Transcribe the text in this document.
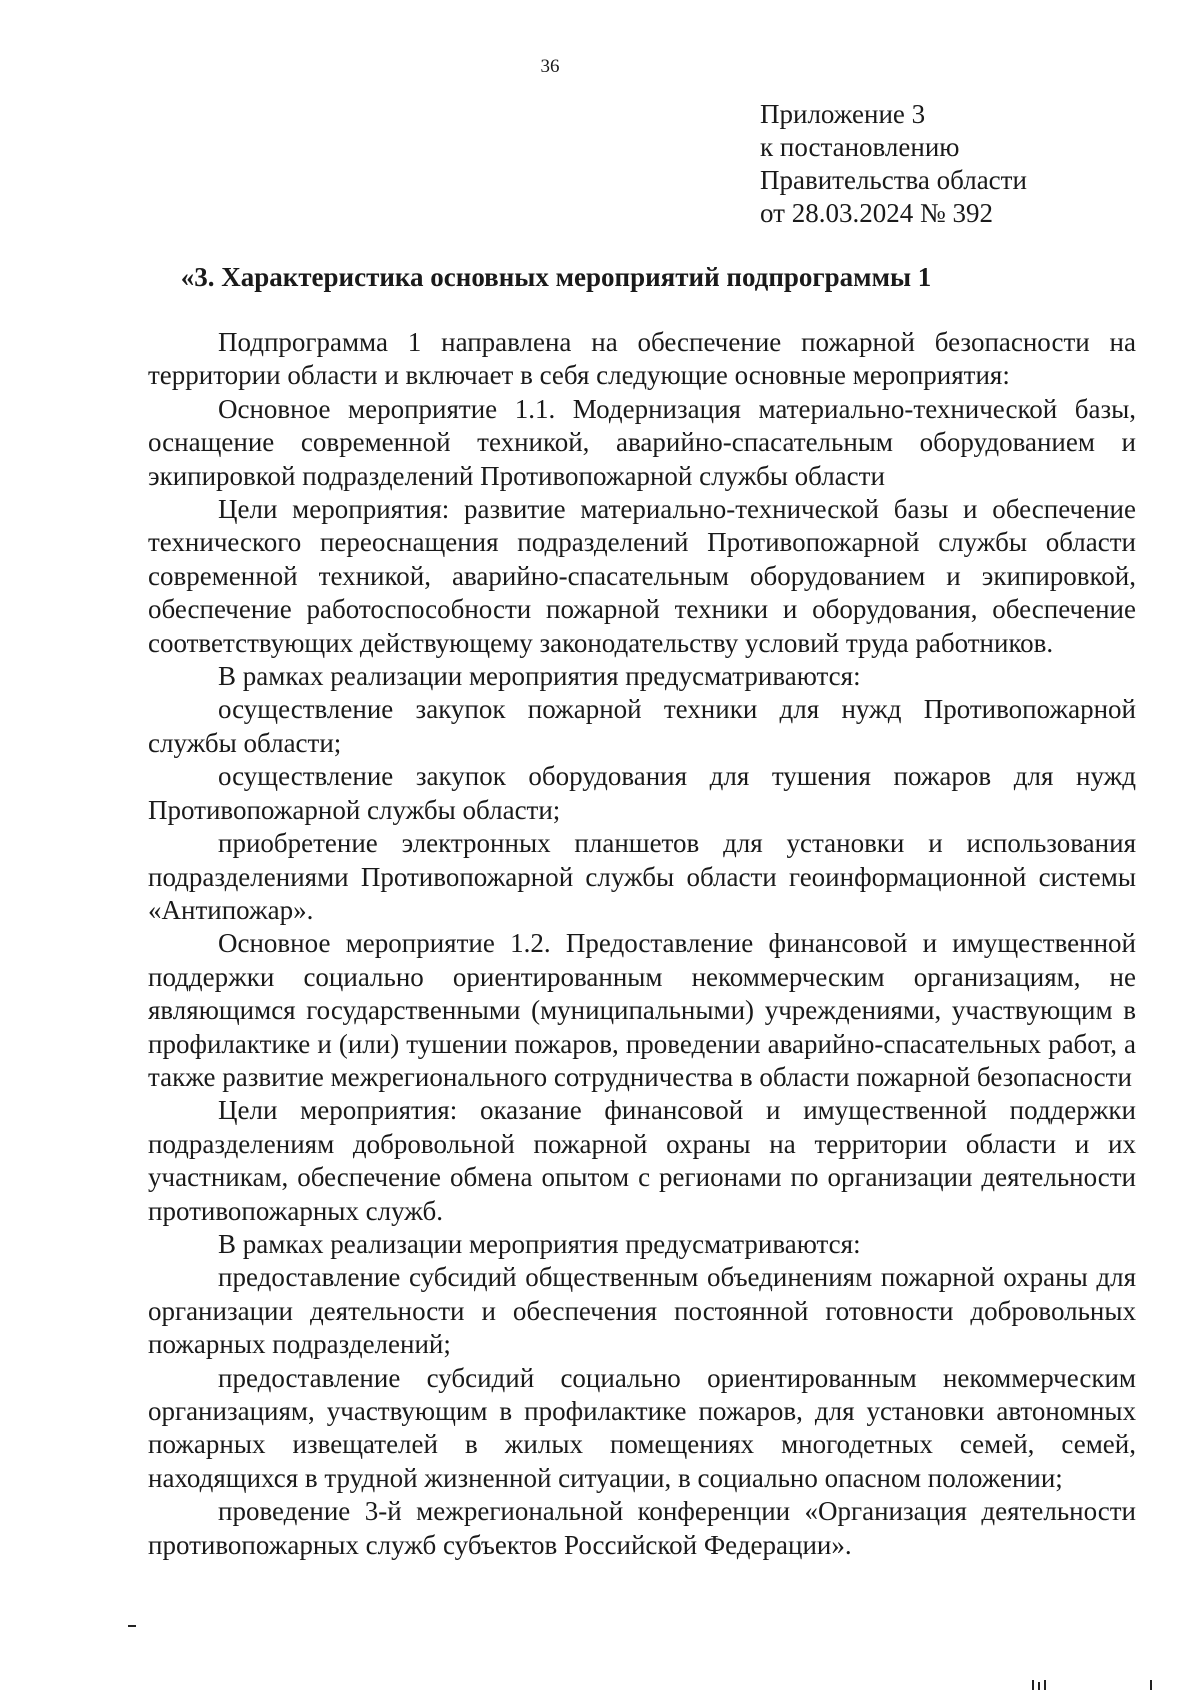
36
Приложение 3
к постановлению
Правительства области
от 28.03.2024 № 392
«3. Характеристика основных мероприятий подпрограммы 1

Подпрограмма 1 направлена на обеспечение пожарной безопасности на территории области и включает в себя следующие основные мероприятия:

Основное мероприятие 1.1. Модернизация материально-технической базы, оснащение современной техникой, аварийно-спасательным оборудованием и экипировкой подразделений Противопожарной службы области

Цели мероприятия: развитие материально-технической базы и обеспечение технического переоснащения подразделений Противопожарной службы области современной техникой, аварийно-спасательным оборудованием и экипировкой, обеспечение работоспособности пожарной техники и оборудования, обеспечение соответствующих действующему законодательству условий труда работников.

В рамках реализации мероприятия предусматриваются:

осуществление закупок пожарной техники для нужд Противопожарной службы области;

осуществление закупок оборудования для тушения пожаров для нужд Противопожарной службы области;

приобретение электронных планшетов для установки и использования подразделениями Противопожарной службы области геоинформационной системы «Антипожар».

Основное мероприятие 1.2. Предоставление финансовой и имущественной поддержки социально ориентированным некоммерческим организациям, не являющимся государственными (муниципальными) учреждениями, участвующим в профилактике и (или) тушении пожаров, проведении аварийно-спасательных работ, а также развитие межрегионального сотрудничества в области пожарной безопасности

Цели мероприятия: оказание финансовой и имущественной поддержки подразделениям добровольной пожарной охраны на территории области и их участникам, обеспечение обмена опытом с регионами по организации деятельности противопожарных служб.

В рамках реализации мероприятия предусматриваются:

предоставление субсидий общественным объединениям пожарной охраны для организации деятельности и обеспечения постоянной готовности добровольных пожарных подразделений;

предоставление субсидий социально ориентированным некоммерческим организациям, участвующим в профилактике пожаров, для установки автономных пожарных извещателей в жилых помещениях многодетных семей, семей, находящихся в трудной жизненной ситуации, в социально опасном положении;

проведение 3-й межрегиональной конференции «Организация деятельности противопожарных служб субъектов Российской Федерации».
